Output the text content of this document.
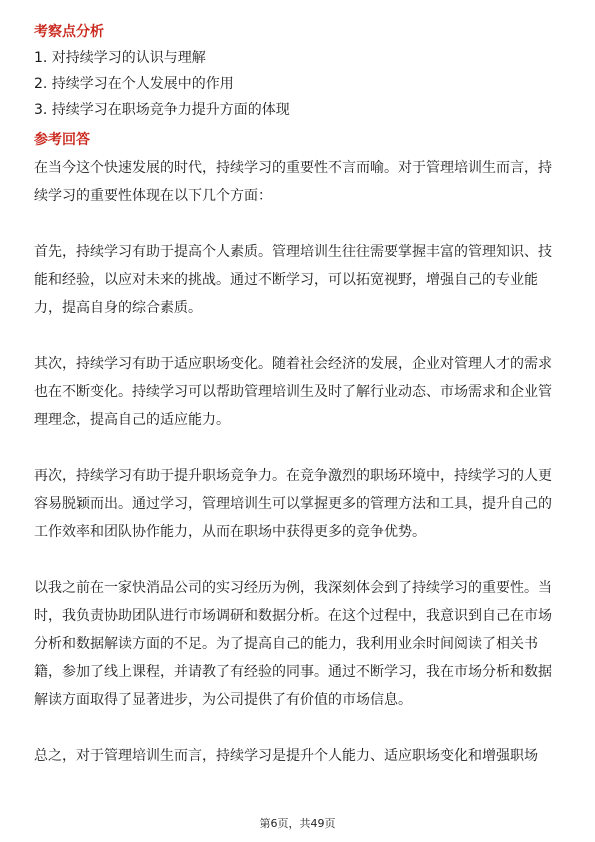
考察点分析
1. 对持续学习的认识与理解
2. 持续学习在个人发展中的作用
3. 持续学习在职场竞争力提升方面的体现
参考回答

在当今这个快速发展的时代，持续学习的重要性不言而喻。对于管理培训生而言，持续学习的重要性体现在以下几个方面：

首先，持续学习有助于提高个人素质。管理培训生往往需要掌握丰富的管理知识、技能和经验，以应对未来的挑战。通过不断学习，可以拓宽视野，增强自己的专业能力，提高自身的综合素质。

其次，持续学习有助于适应职场变化。随着社会经济的发展，企业对管理人才的需求也在不断变化。持续学习可以帮助管理培训生及时了解行业动态、市场需求和企业管理理念，提高自己的适应能力。

再次，持续学习有助于提升职场竞争力。在竞争激烈的职场环境中，持续学习的人更容易脱颖而出。通过学习，管理培训生可以掌握更多的管理方法和工具，提升自己的工作效率和团队协作能力，从而在职场中获得更多的竞争优势。

以我之前在一家快消品公司的实习经历为例，我深刻体会到了持续学习的重要性。当时，我负责协助团队进行市场调研和数据分析。在这个过程中，我意识到自己在市场分析和数据解读方面的不足。为了提高自己的能力，我利用业余时间阅读了相关书籍，参加了线上课程，并请教了有经验的同事。通过不断学习，我在市场分析和数据解读方面取得了显著进步，为公司提供了有价值的市场信息。

总之，对于管理培训生而言，持续学习是提升个人能力、适应职场变化和增强职场

第6页，共49页
